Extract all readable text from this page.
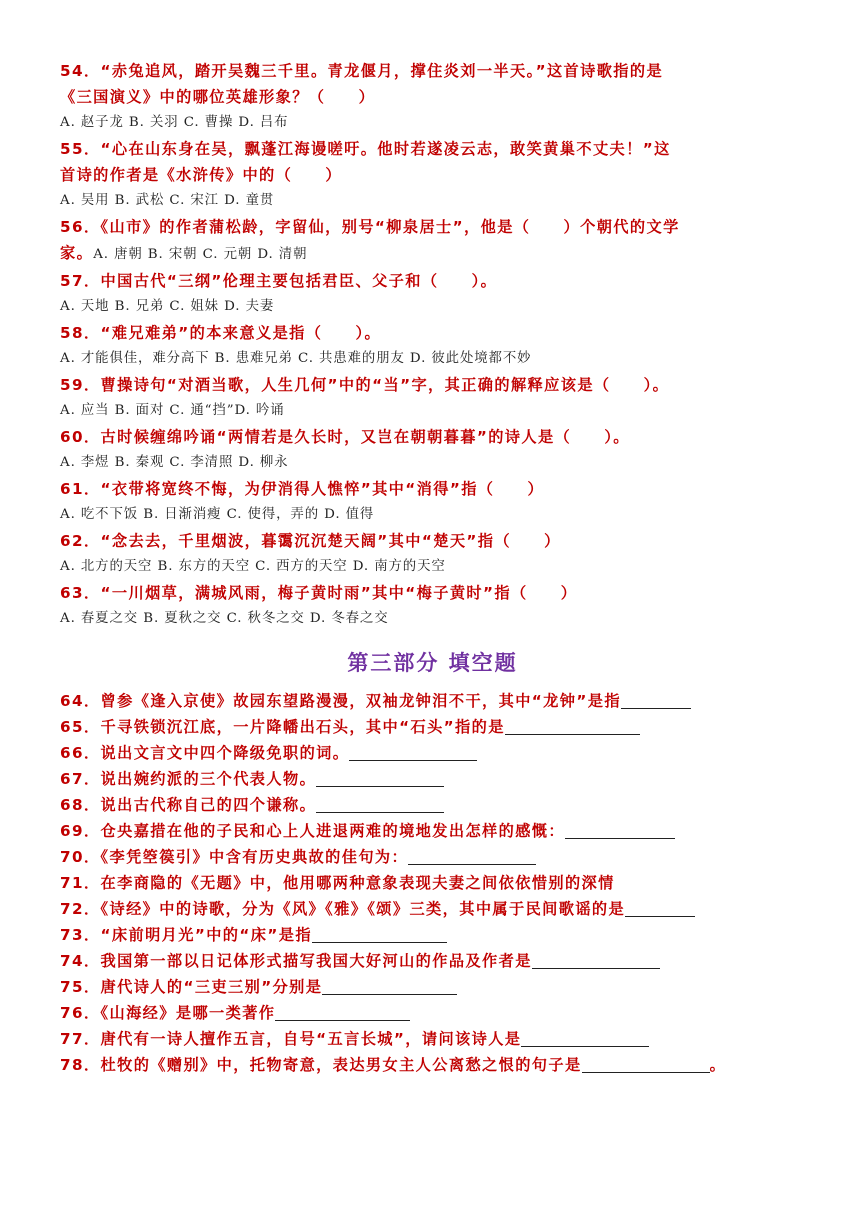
54．“赤兔追风，踏开吴魏三千里。青龙偃月，撑住炎刘一半天。”这首诗歌指的是

《三国演义》中的哪位英雄形象？（　　）

A. 赵子龙 B. 关羽 C. 曹操 D. 吕布

55．“心在山东身在吴，飘蓬江海谩嗟吁。他时若遂凌云志，敢笑黄巢不丈夫！”这

首诗的作者是《水浒传》中的（　　）

A. 吴用 B. 武松 C. 宋江 D. 童贯

56．《山市》的作者蒲松龄，字留仙，别号“柳泉居士”，他是（　　）个朝代的文学

家。A. 唐朝 B. 宋朝 C. 元朝 D. 清朝

57．中国古代“三纲”伦理主要包括君臣、父子和（　　）。

A. 天地 B. 兄弟 C. 姐妹 D. 夫妻

58．“难兄难弟”的本来意义是指（　　）。

A. 才能俱佳，难分高下 B. 患难兄弟 C. 共患难的朋友 D. 彼此处境都不妙

59．曹操诗句“对酒当歌，人生几何”中的“当”字，其正确的解释应该是（　　）。

A. 应当 B. 面对 C. 通“挡”D. 吟诵

60．古时候缠绵吟诵“两情若是久长时，又岂在朝朝暮暮”的诗人是（　　）。

A. 李煜 B. 秦观 C. 李清照 D. 柳永

61．“衣带将宽终不悔，为伊消得人憔悴”其中“消得”指（　　）

A. 吃不下饭 B. 日渐消瘦 C. 使得，弄的 D. 值得

62．“念去去，千里烟波，暮霭沉沉楚天阔”其中“楚天”指（　　）

A. 北方的天空 B. 东方的天空 C. 西方的天空 D. 南方的天空

63．“一川烟草，满城风雨，梅子黄时雨”其中“梅子黄时”指（　　）

A. 春夏之交 B. 夏秋之交 C. 秋冬之交 D. 冬春之交

第三部分 填空题

64．曾参《逢入京使》故园东望路漫漫，双袖龙钟泪不干，其中“龙钟”是指

65．千寻铁锁沉江底，一片降幡出石头，其中“石头”指的是

66．说出文言文中四个降级免职的词。

67．说出婉约派的三个代表人物。

68．说出古代称自己的四个谦称。

69．仓央嘉措在他的子民和心上人进退两难的境地发出怎样的感慨：

70．《李凭箜篌引》中含有历史典故的佳句为：

71．在李商隐的《无题》中，他用哪两种意象表现夫妻之间依依惜别的深情

72．《诗经》中的诗歌，分为《风》《雅》《颂》三类，其中属于民间歌谣的是

73．“床前明月光”中的“床”是指

74．我国第一部以日记体形式描写我国大好河山的作品及作者是

75．唐代诗人的“三吏三别”分别是

76．《山海经》是哪一类著作

77．唐代有一诗人擅作五言，自号“五言长城”，请问该诗人是

78．杜牧的《赠别》中，托物寄意，表达男女主人公离愁之恨的句子是	。
